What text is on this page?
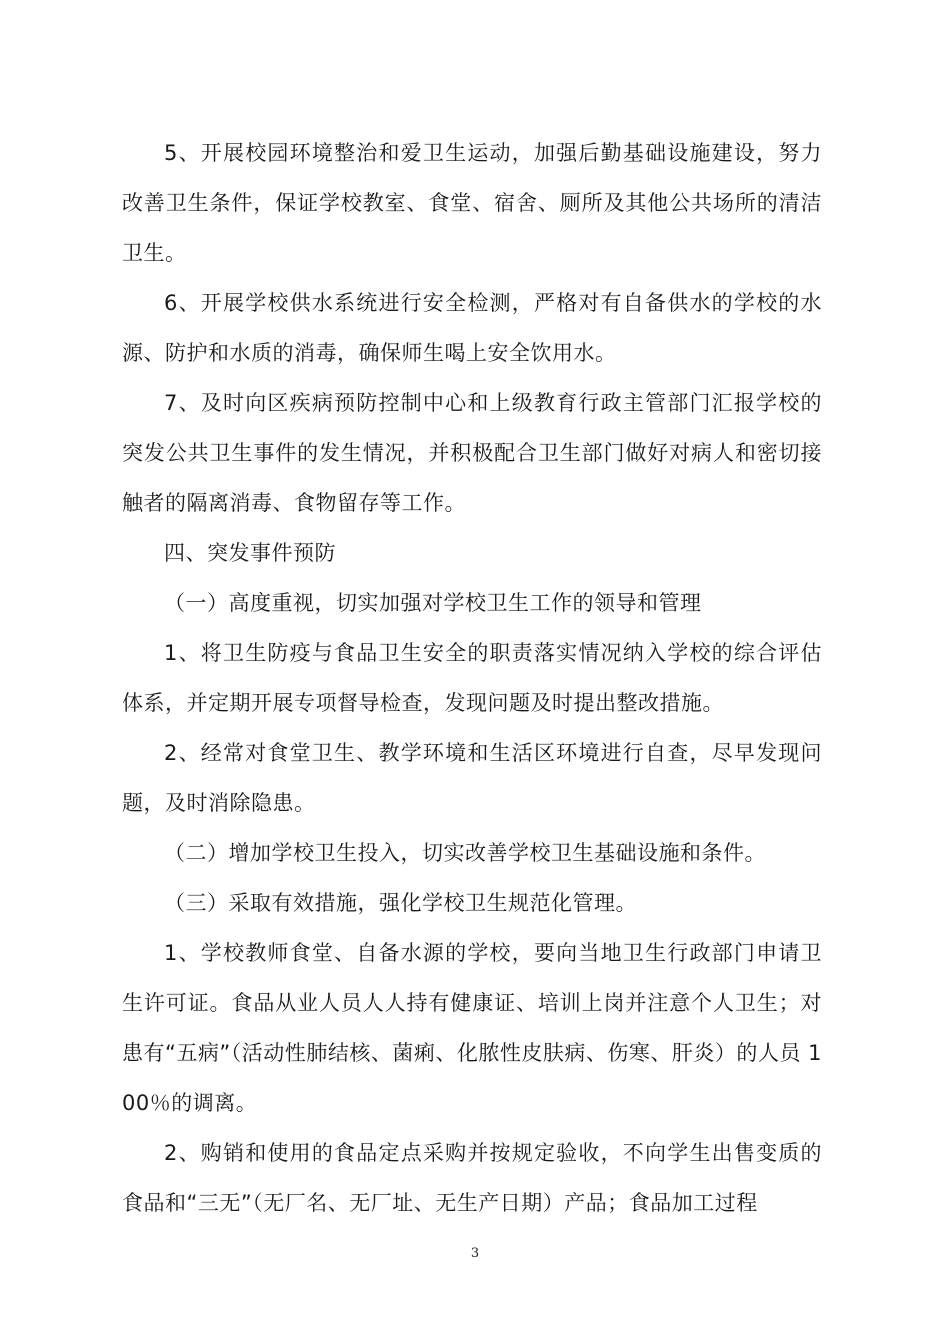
5、开展校园环境整治和爱卫生运动，加强后勤基础设施建设，努力改善卫生条件，保证学校教室、食堂、宿舍、厕所及其他公共场所的清洁卫生。

6、开展学校供水系统进行安全检测，严格对有自备供水的学校的水源、防护和水质的消毒，确保师生喝上安全饮用水。

7、及时向区疾病预防控制中心和上级教育行政主管部门汇报学校的突发公共卫生事件的发生情况，并积极配合卫生部门做好对病人和密切接触者的隔离消毒、食物留存等工作。

四、突发事件预防

（一）高度重视，切实加强对学校卫生工作的领导和管理

1、将卫生防疫与食品卫生安全的职责落实情况纳入学校的综合评估体系，并定期开展专项督导检查，发现问题及时提出整改措施。

2、经常对食堂卫生、教学环境和生活区环境进行自查，尽早发现问题，及时消除隐患。

（二）增加学校卫生投入，切实改善学校卫生基础设施和条件。

（三）采取有效措施，强化学校卫生规范化管理。

1、学校教师食堂、自备水源的学校，要向当地卫生行政部门申请卫生许可证。食品从业人员人人持有健康证、培训上岗并注意个人卫生；对患有“五病”（活动性肺结核、菌痢、化脓性皮肤病、伤寒、肝炎）的人员 100％的调离。

2、购销和使用的食品定点采购并按规定验收，不向学生出售变质的食品和“三无”（无厂名、无厂址、无生产日期）产品；食品加工过程

3
